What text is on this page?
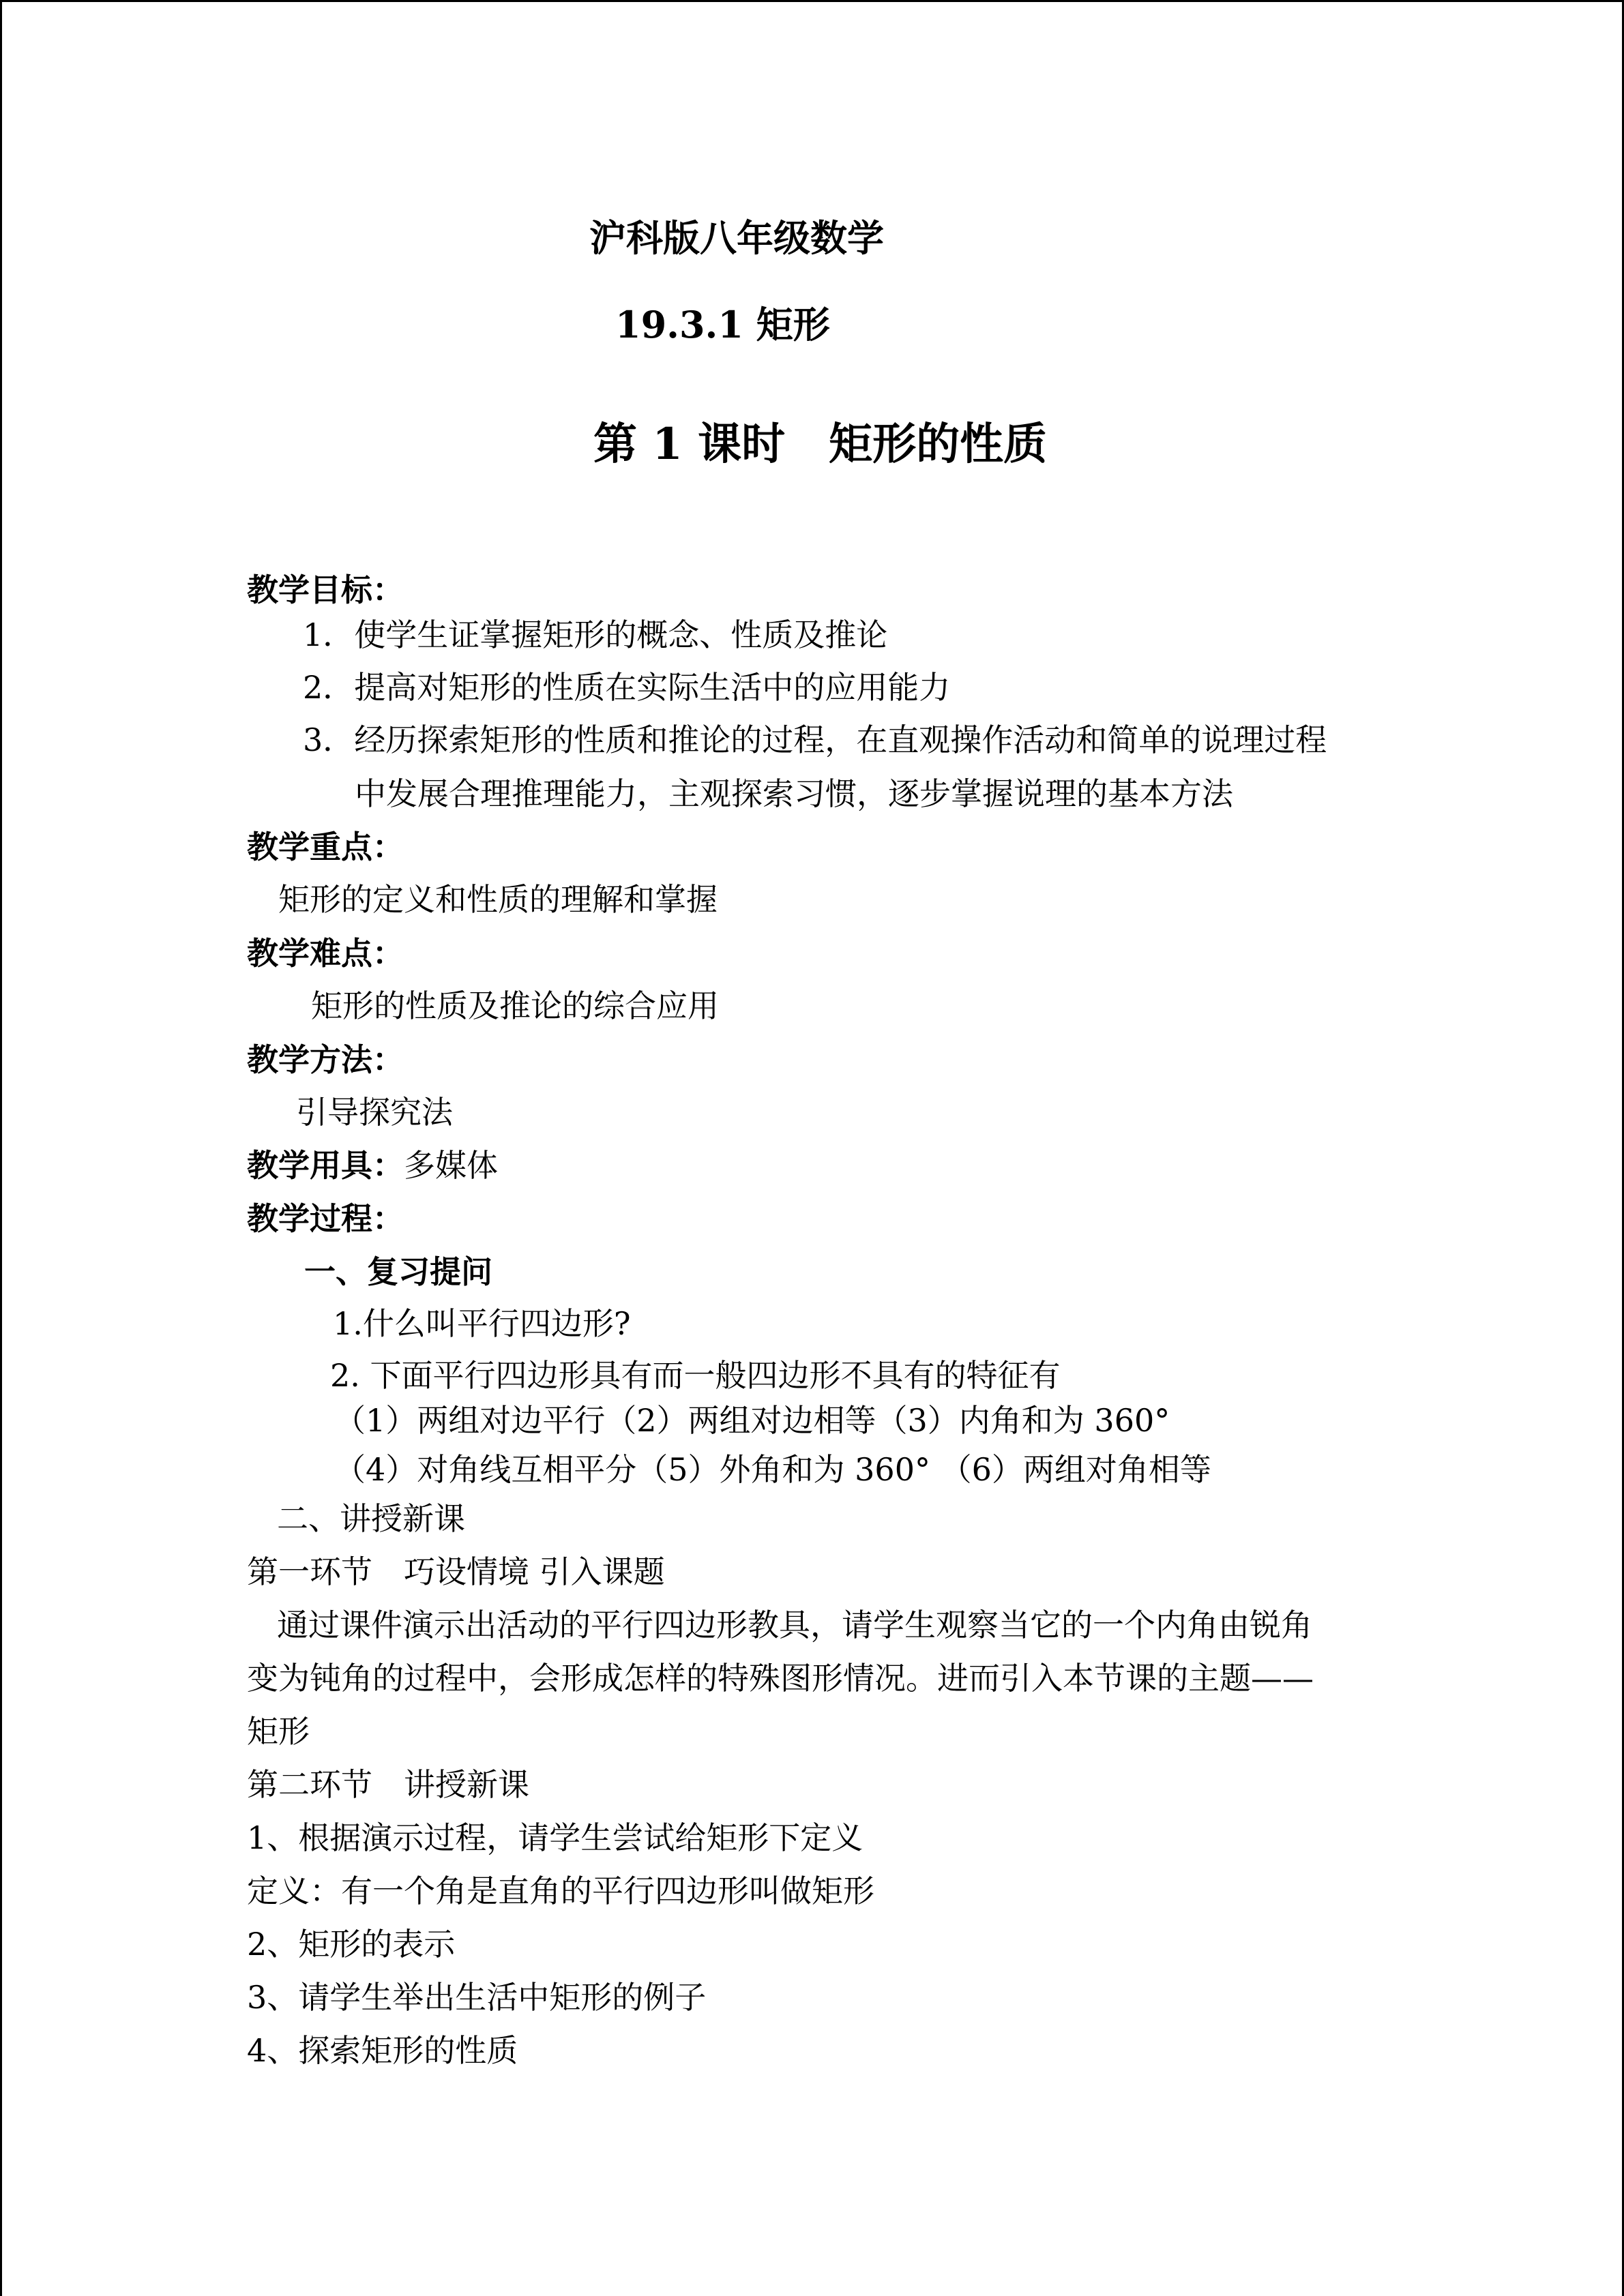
沪科版八年级数学
19.3.1 矩形
第 1 课时　矩形的性质
教学目标：
1．使学生证掌握矩形的概念、性质及推论
2．提高对矩形的性质在实际生活中的应用能力
3．经历探索矩形的性质和推论的过程，在直观操作活动和简单的说理过程
中发展合理推理能力，主观探索习惯，逐步掌握说理的基本方法
教学重点：
矩形的定义和性质的理解和掌握
教学难点：
矩形的性质及推论的综合应用
教学方法：
引导探究法
教学用具：多媒体
教学过程：
一、复习提问
1.什么叫平行四边形?
2. 下面平行四边形具有而一般四边形不具有的特征有
（1）两组对边平行（2）两组对边相等（3）内角和为 360°
（4）对角线互相平分（5）外角和为 360° （6）两组对角相等
二、讲授新课
第一环节　巧设情境 引入课题
通过课件演示出活动的平行四边形教具，请学生观察当它的一个内角由锐角
变为钝角的过程中，会形成怎样的特殊图形情况。进而引入本节课的主题——
矩形
第二环节　讲授新课
1、根据演示过程，请学生尝试给矩形下定义
定义：有一个角是直角的平行四边形叫做矩形
2、矩形的表示
3、请学生举出生活中矩形的例子
4、探索矩形的性质
